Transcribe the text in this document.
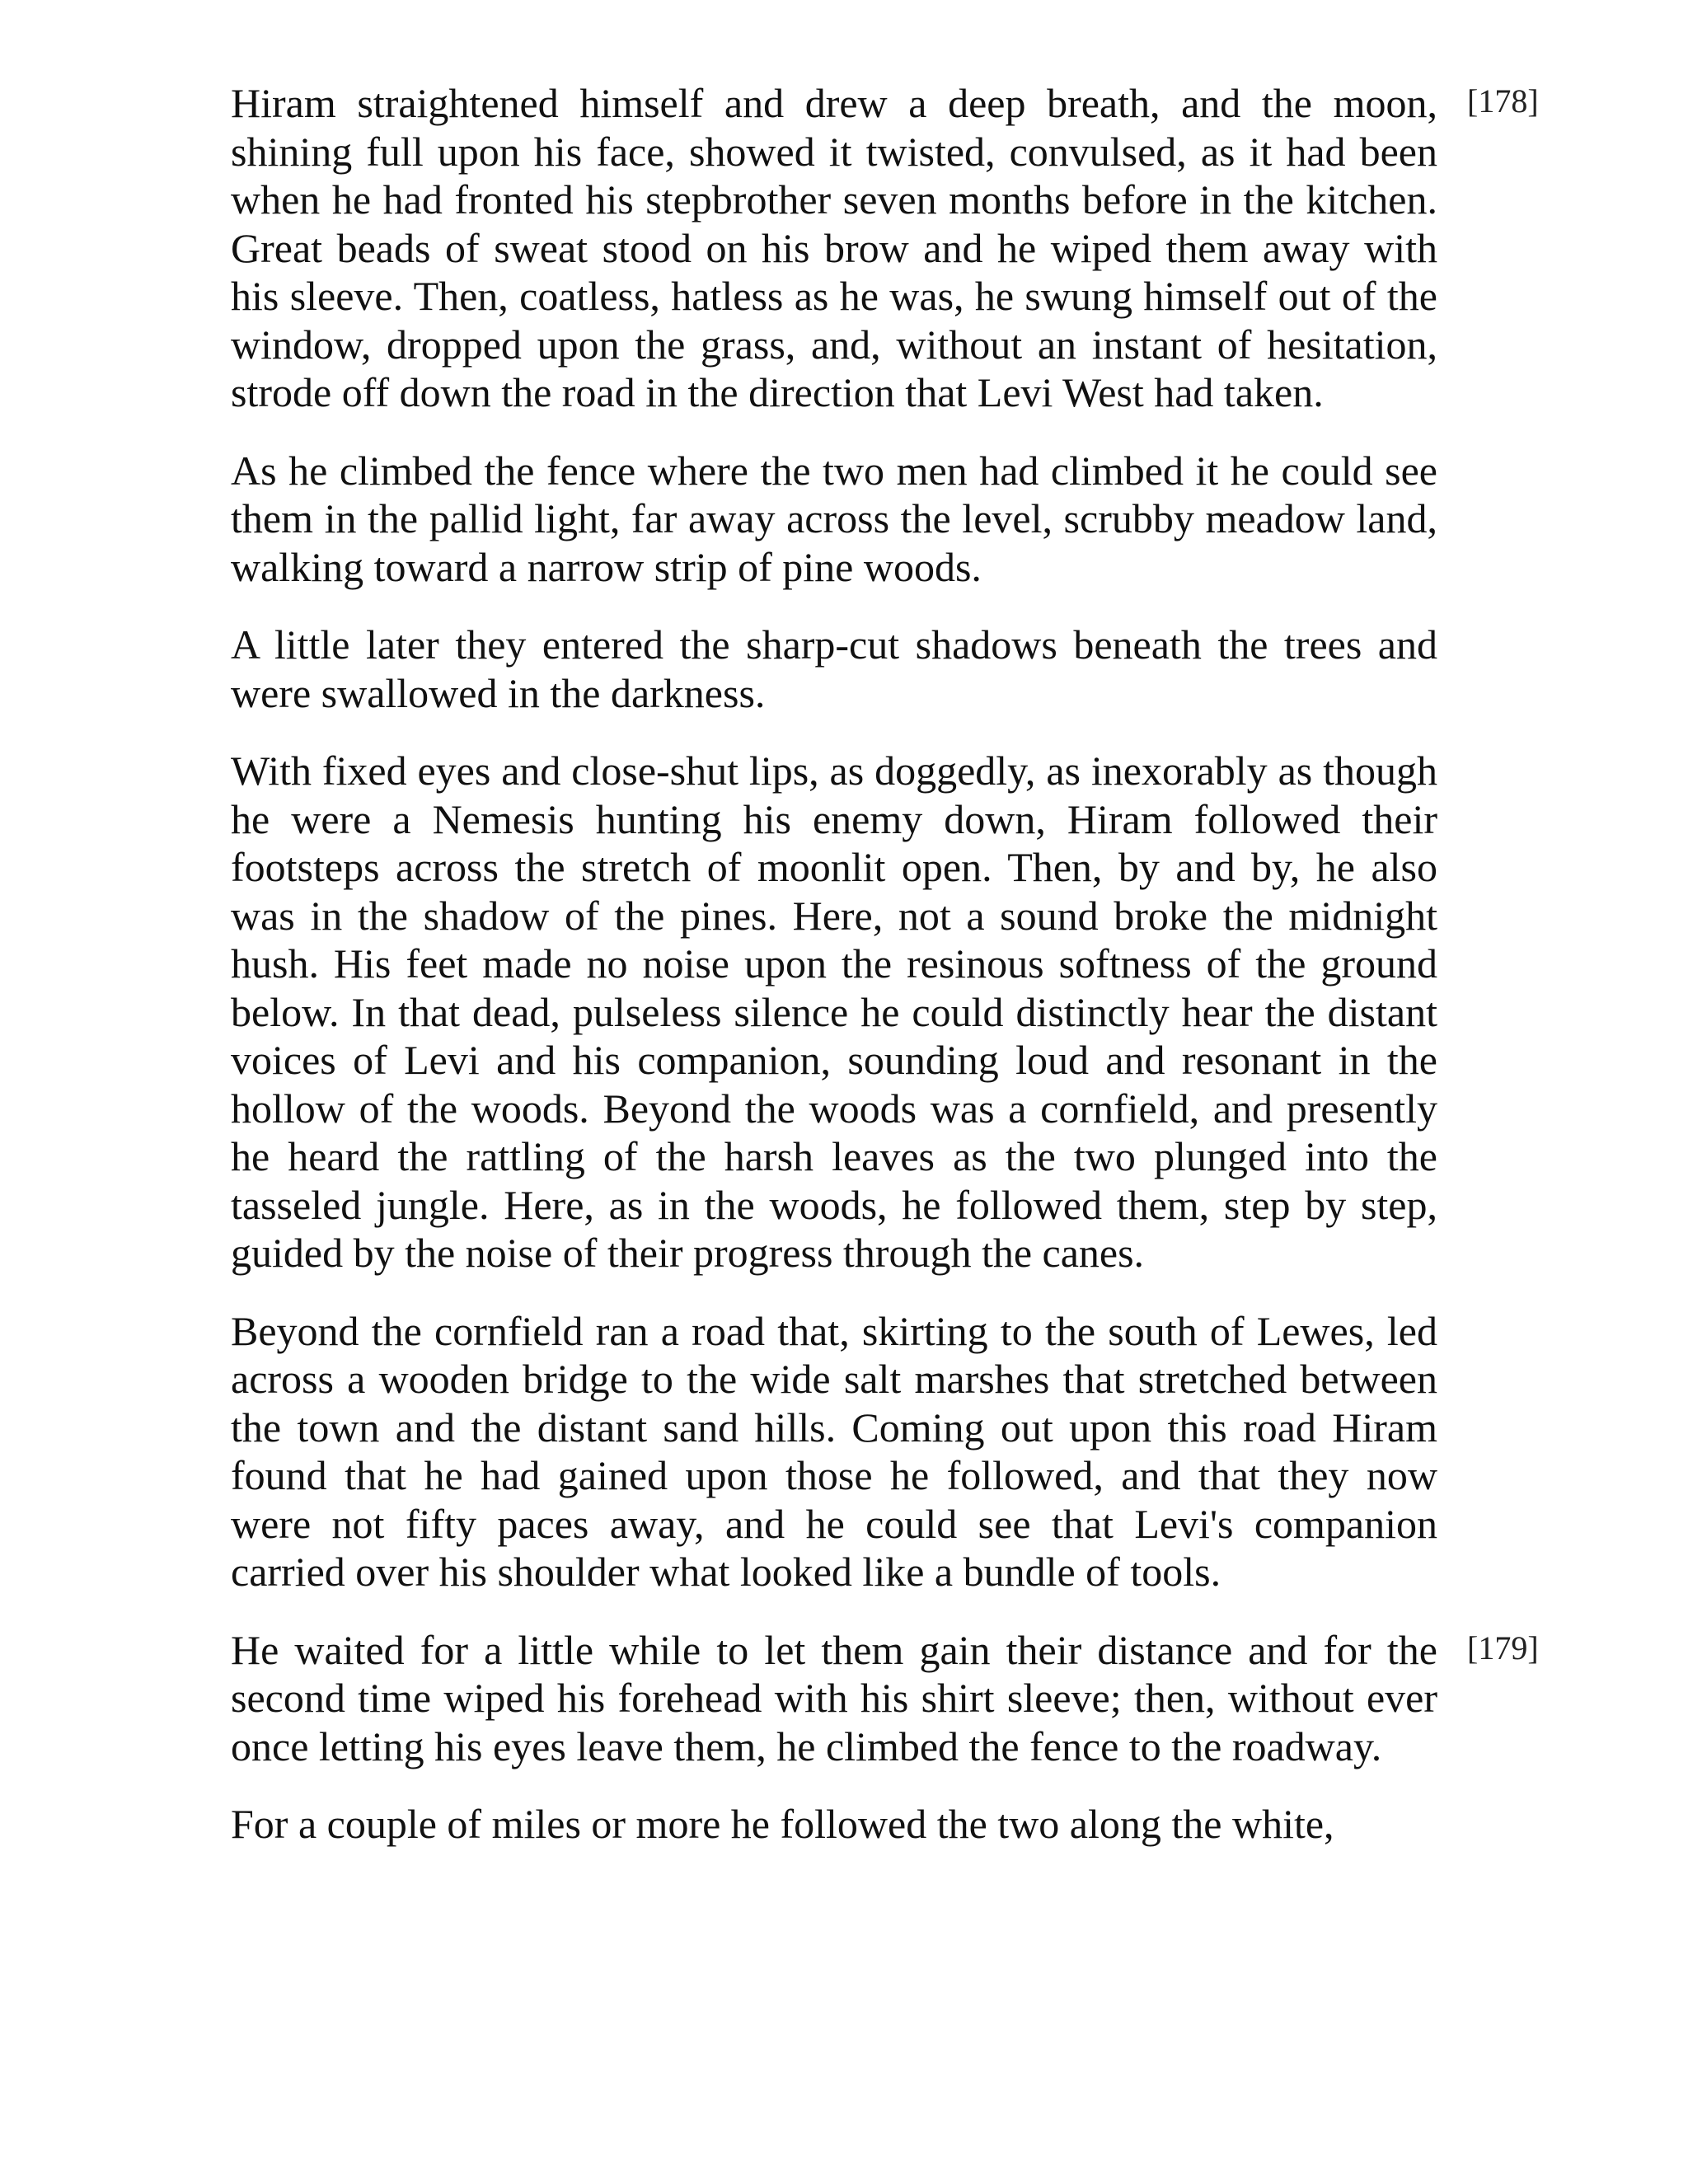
Hiram straightened himself and drew a deep breath, and the moon, shining full upon his face, showed it twisted, convulsed, as it had been when he had fronted his stepbrother seven months before in the kitchen. Great beads of sweat stood on his brow and he wiped them away with his sleeve. Then, coatless, hatless as he was, he swung himself out of the window, dropped upon the grass, and, without an instant of hesitation, strode off down the road in the direction that Levi West had taken.
[178]

As he climbed the fence where the two men had climbed it he could see them in the pallid light, far away across the level, scrubby meadow land, walking toward a narrow strip of pine woods.

A little later they entered the sharp-cut shadows beneath the trees and were swallowed in the darkness.

With fixed eyes and close-shut lips, as doggedly, as inexorably as though he were a Nemesis hunting his enemy down, Hiram followed their footsteps across the stretch of moonlit open. Then, by and by, he also was in the shadow of the pines. Here, not a sound broke the midnight hush. His feet made no noise upon the resinous softness of the ground below. In that dead, pulseless silence he could distinctly hear the distant voices of Levi and his companion, sounding loud and resonant in the hollow of the woods. Beyond the woods was a cornfield, and presently he heard the rattling of the harsh leaves as the two plunged into the tasseled jungle. Here, as in the woods, he followed them, step by step, guided by the noise of their progress through the canes.

Beyond the cornfield ran a road that, skirting to the south of Lewes, led across a wooden bridge to the wide salt marshes that stretched between the town and the distant sand hills. Coming out upon this road Hiram found that he had gained upon those he followed, and that they now were not fifty paces away, and he could see that Levi's companion carried over his shoulder what looked like a bundle of tools.

He waited for a little while to let them gain their distance and for the second time wiped his forehead with his shirt sleeve; then, without ever once letting his eyes leave them, he climbed the fence to the roadway.
[179]

For a couple of miles or more he followed the two along the white,
